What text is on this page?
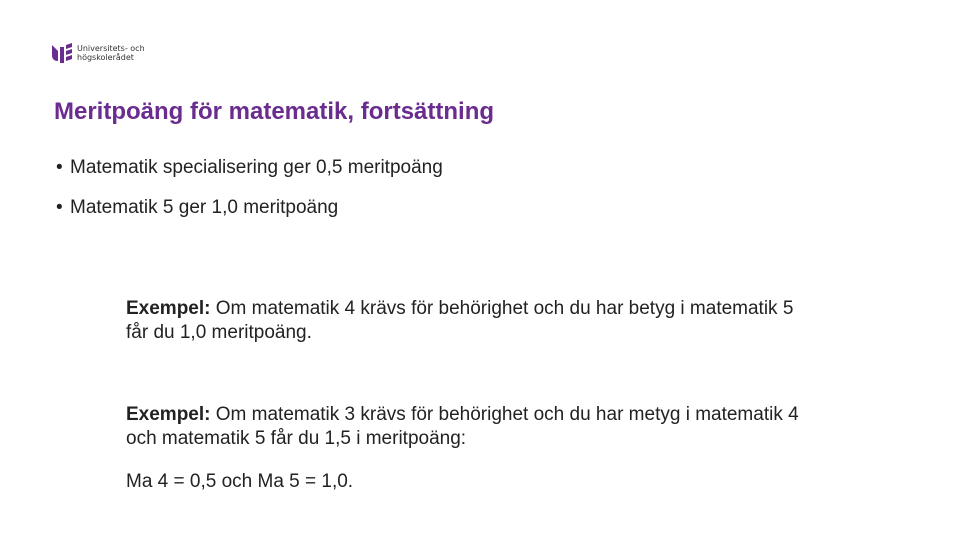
Universitets- och
högskolerådet
Meritpoäng för matematik, fortsättning
• Matematik specialisering ger 0,5 meritpoäng
• Matematik 5 ger 1,0 meritpoäng

Exempel: Om matematik 4 krävs för behörighet och du har betyg i matematik 5 får du 1,0 meritpoäng.

Exempel: Om matematik 3 krävs för behörighet och du har metyg i matematik 4 och matematik 5 får du 1,5 i meritpoäng:

Ma 4 = 0,5 och Ma 5 = 1,0.
